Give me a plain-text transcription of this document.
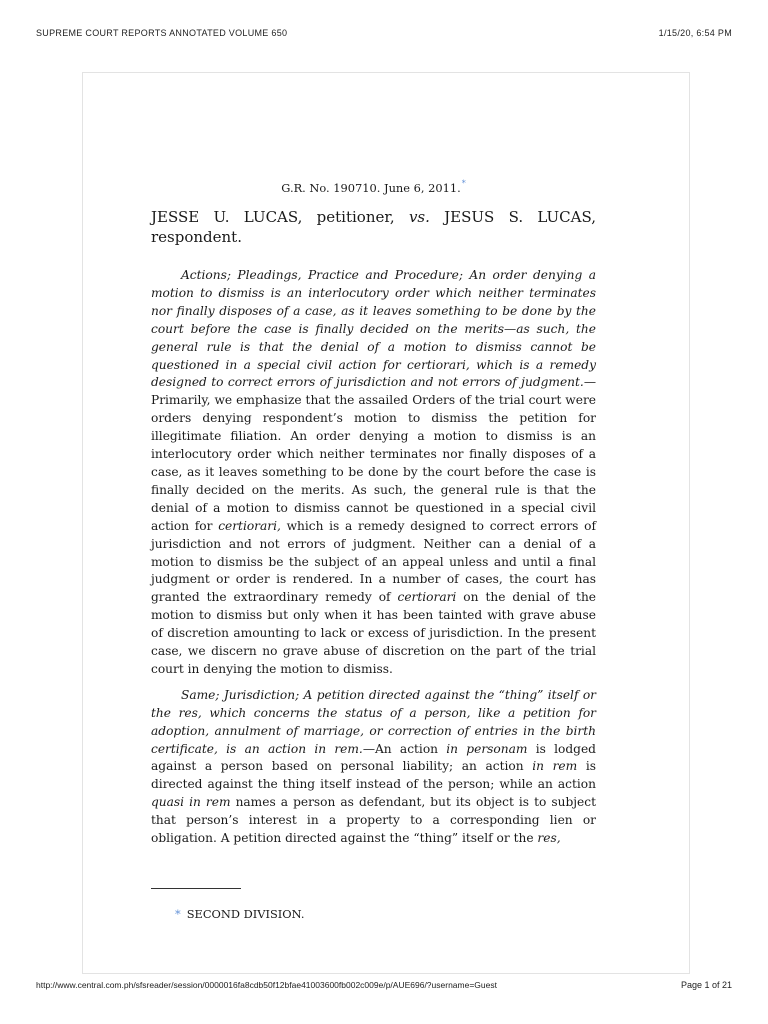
SUPREME COURT REPORTS ANNOTATED VOLUME 650	1/15/20, 6:54 PM
G.R. No. 190710. June 6, 2011.*
JESSE U. LUCAS, petitioner, vs. JESUS S. LUCAS, respondent.

Actions; Pleadings, Practice and Procedure; An order denying a motion to dismiss is an interlocutory order which neither terminates nor finally disposes of a case, as it leaves something to be done by the court before the case is finally decided on the merits—as such, the general rule is that the denial of a motion to dismiss cannot be questioned in a special civil action for certiorari, which is a remedy designed to correct errors of jurisdiction and not errors of judgment.—Primarily, we emphasize that the assailed Orders of the trial court were orders denying respondent’s motion to dismiss the petition for illegitimate filiation. An order denying a motion to dismiss is an interlocutory order which neither terminates nor finally disposes of a case, as it leaves something to be done by the court before the case is finally decided on the merits. As such, the general rule is that the denial of a motion to dismiss cannot be questioned in a special civil action for certiorari, which is a remedy designed to correct errors of jurisdiction and not errors of judgment. Neither can a denial of a motion to dismiss be the subject of an appeal unless and until a final judgment or order is rendered. In a number of cases, the court has granted the extraordinary remedy of certiorari on the denial of the motion to dismiss but only when it has been tainted with grave abuse of discretion amounting to lack or excess of jurisdiction. In the present case, we discern no grave abuse of discretion on the part of the trial court in denying the motion to dismiss.

Same; Jurisdiction; A petition directed against the “thing” itself or the res, which concerns the status of a person, like a petition for adoption, annulment of marriage, or correction of entries in the birth certificate, is an action in rem.—An action in personam is lodged against a person based on personal liability; an action in rem is directed against the thing itself instead of the person; while an action quasi in rem names a person as defendant, but its object is to subject that person’s interest in a property to a corresponding lien or obligation. A petition directed against the “thing” itself or the res,

* SECOND DIVISION.
http://www.central.com.ph/sfsreader/session/0000016fa8cdb50f12bfae41003600fb002c009e/p/AUE696/?username=Guest	Page 1 of 21
